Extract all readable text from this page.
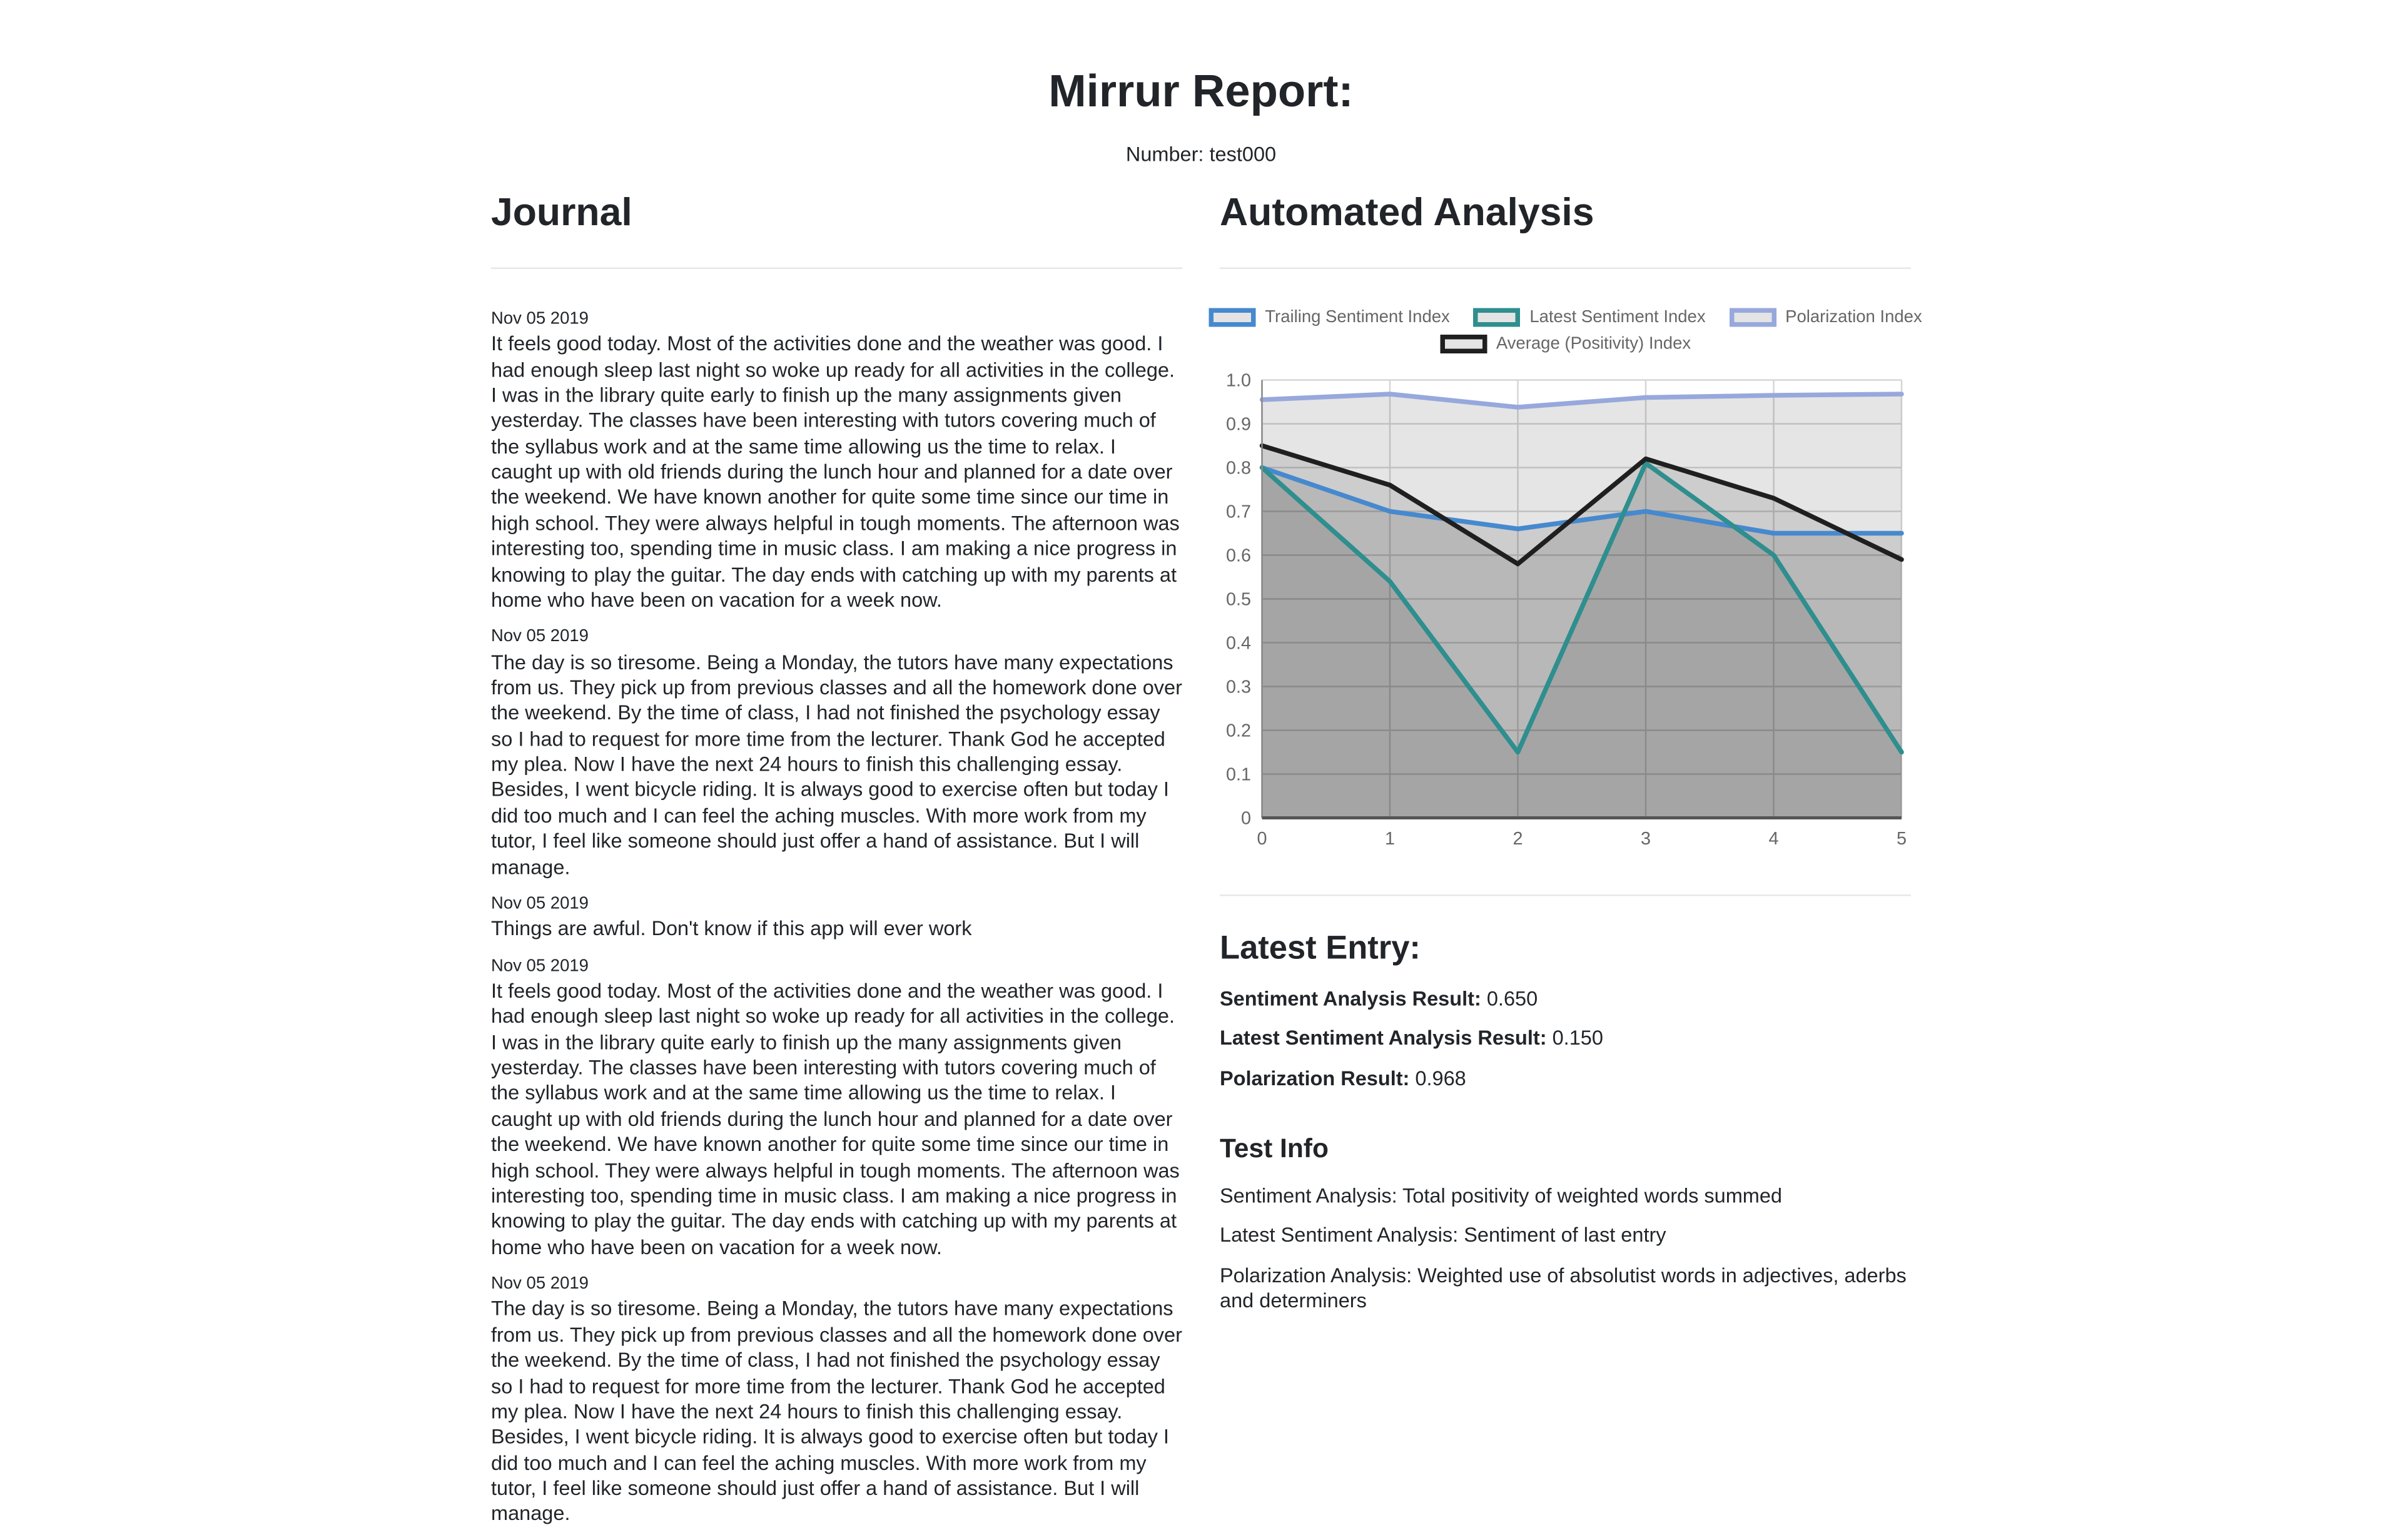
Mirrur Report:
Number: test000
Journal
Nov 05 2019
It feels good today. Most of the activities done and the weather was good. I had enough sleep last night so woke up ready for all activities in the college. I was in the library quite early to finish up the many assignments given yesterday. The classes have been interesting with tutors covering much of the syllabus work and at the same time allowing us the time to relax. I caught up with old friends during the lunch hour and planned for a date over the weekend. We have known another for quite some time since our time in high school. They were always helpful in tough moments. The afternoon was interesting too, spending time in music class. I am making a nice progress in knowing to play the guitar. The day ends with catching up with my parents at home who have been on vacation for a week now.
Nov 05 2019
The day is so tiresome. Being a Monday, the tutors have many expectations from us. They pick up from previous classes and all the homework done over the weekend. By the time of class, I had not finished the psychology essay so I had to request for more time from the lecturer. Thank God he accepted my plea. Now I have the next 24 hours to finish this challenging essay. Besides, I went bicycle riding. It is always good to exercise often but today I did too much and I can feel the aching muscles. With more work from my tutor, I feel like someone should just offer a hand of assistance. But I will manage.
Nov 05 2019
Things are awful. Don't know if this app will ever work
Nov 05 2019
It feels good today. Most of the activities done and the weather was good. I had enough sleep last night so woke up ready for all activities in the college. I was in the library quite early to finish up the many assignments given yesterday. The classes have been interesting with tutors covering much of the syllabus work and at the same time allowing us the time to relax. I caught up with old friends during the lunch hour and planned for a date over the weekend. We have known another for quite some time since our time in high school. They were always helpful in tough moments. The afternoon was interesting too, spending time in music class. I am making a nice progress in knowing to play the guitar. The day ends with catching up with my parents at home who have been on vacation for a week now.
Nov 05 2019
The day is so tiresome. Being a Monday, the tutors have many expectations from us. They pick up from previous classes and all the homework done over the weekend. By the time of class, I had not finished the psychology essay so I had to request for more time from the lecturer. Thank God he accepted my plea. Now I have the next 24 hours to finish this challenging essay. Besides, I went bicycle riding. It is always good to exercise often but today I did too much and I can feel the aching muscles. With more work from my tutor, I feel like someone should just offer a hand of assistance. But I will manage.
Automated Analysis
Trailing Sentiment Index	Latest Sentiment Index	Polarization Index
Average (Positivity) Index
1.0
0.9
0.8
0.7
0.6
0.5
0.4
0.3
0.2
0.1
0
0	1	2	3	4	5
Latest Entry:
Sentiment Analysis Result: 0.650
Latest Sentiment Analysis Result: 0.150
Polarization Result: 0.968
Test Info
Sentiment Analysis: Total positivity of weighted words summed
Latest Sentiment Analysis: Sentiment of last entry
Polarization Analysis: Weighted use of absolutist words in adjectives, aderbs and determiners
